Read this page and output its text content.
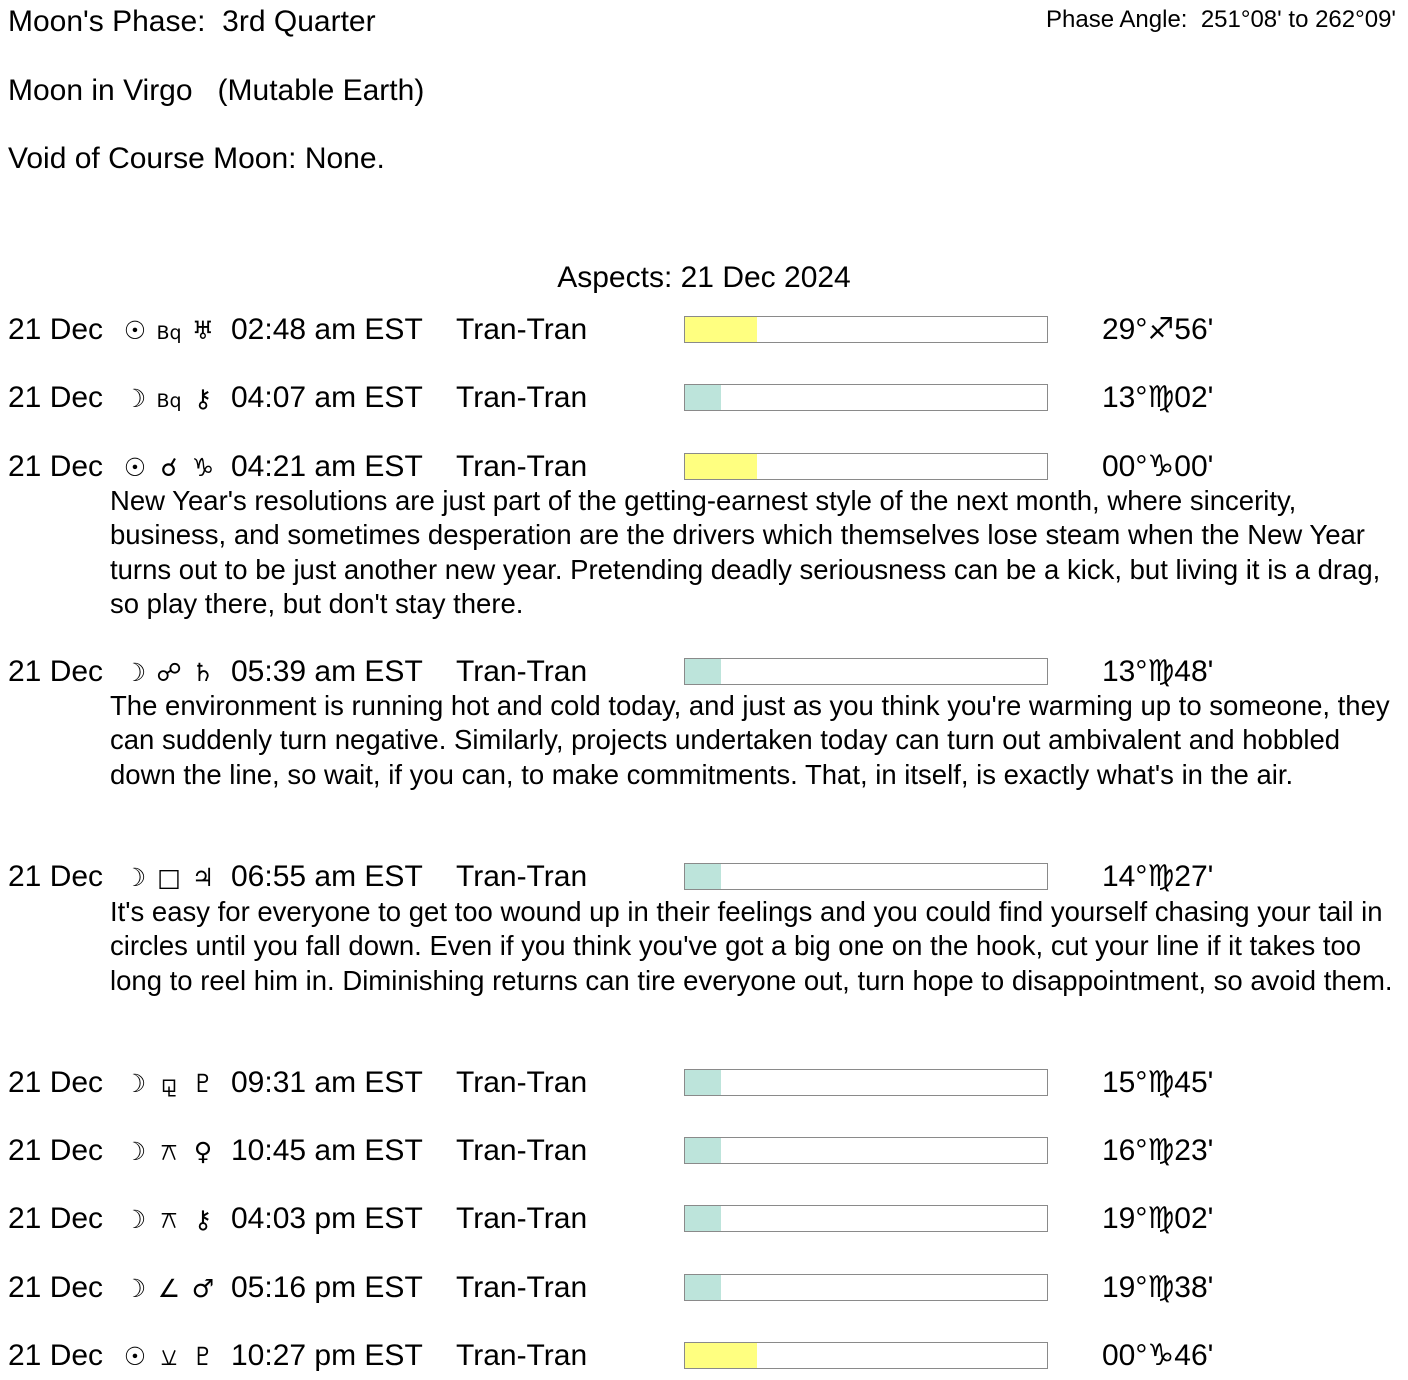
Moon's Phase:  3rd Quarter	Phase Angle:  251°08' to 262°09'
Moon in Virgo   (Mutable Earth)
Void of Course Moon: None.
Aspects: 21 Dec 2024
21 Dec ☉ Bq ♅ 02:48 am EST Tran-Tran	29°♐56'
21 Dec ☽ Bq ⚷ 04:07 am EST Tran-Tran	13°♍02'
21 Dec ☉ ☌ ♑ 04:21 am EST Tran-Tran	00°♑00'
New Year's resolutions are just part of the getting-earnest style of the next month, where sincerity, business, and sometimes desperation are the drivers which themselves lose steam when the New Year turns out to be just another new year. Pretending deadly seriousness can be a kick, but living it is a drag, so play there, but don't stay there.
21 Dec ☽ ☍ ♄ 05:39 am EST Tran-Tran	13°♍48'
The environment is running hot and cold today, and just as you think you're warming up to someone, they can suddenly turn negative. Similarly, projects undertaken today can turn out ambivalent and hobbled down the line, so wait, if you can, to make commitments. That, in itself, is exactly what's in the air.
21 Dec ☽ □ ♃ 06:55 am EST Tran-Tran	14°♍27'
It's easy for everyone to get too wound up in their feelings and you could find yourself chasing your tail in circles until you fall down. Even if you think you've got a big one on the hook, cut your line if it takes too long to reel him in. Diminishing returns can tire everyone out, turn hope to disappointment, so avoid them.
21 Dec ☽ ⚼ ♇ 09:31 am EST Tran-Tran	15°♍45'
21 Dec ☽ ⚻ ♀ 10:45 am EST Tran-Tran	16°♍23'
21 Dec ☽ ⚻ ⚷ 04:03 pm EST Tran-Tran	19°♍02'
21 Dec ☽ ∠ ♂ 05:16 pm EST Tran-Tran	19°♍38'
21 Dec ☉ ⚺ ♇ 10:27 pm EST Tran-Tran	00°♑46'
